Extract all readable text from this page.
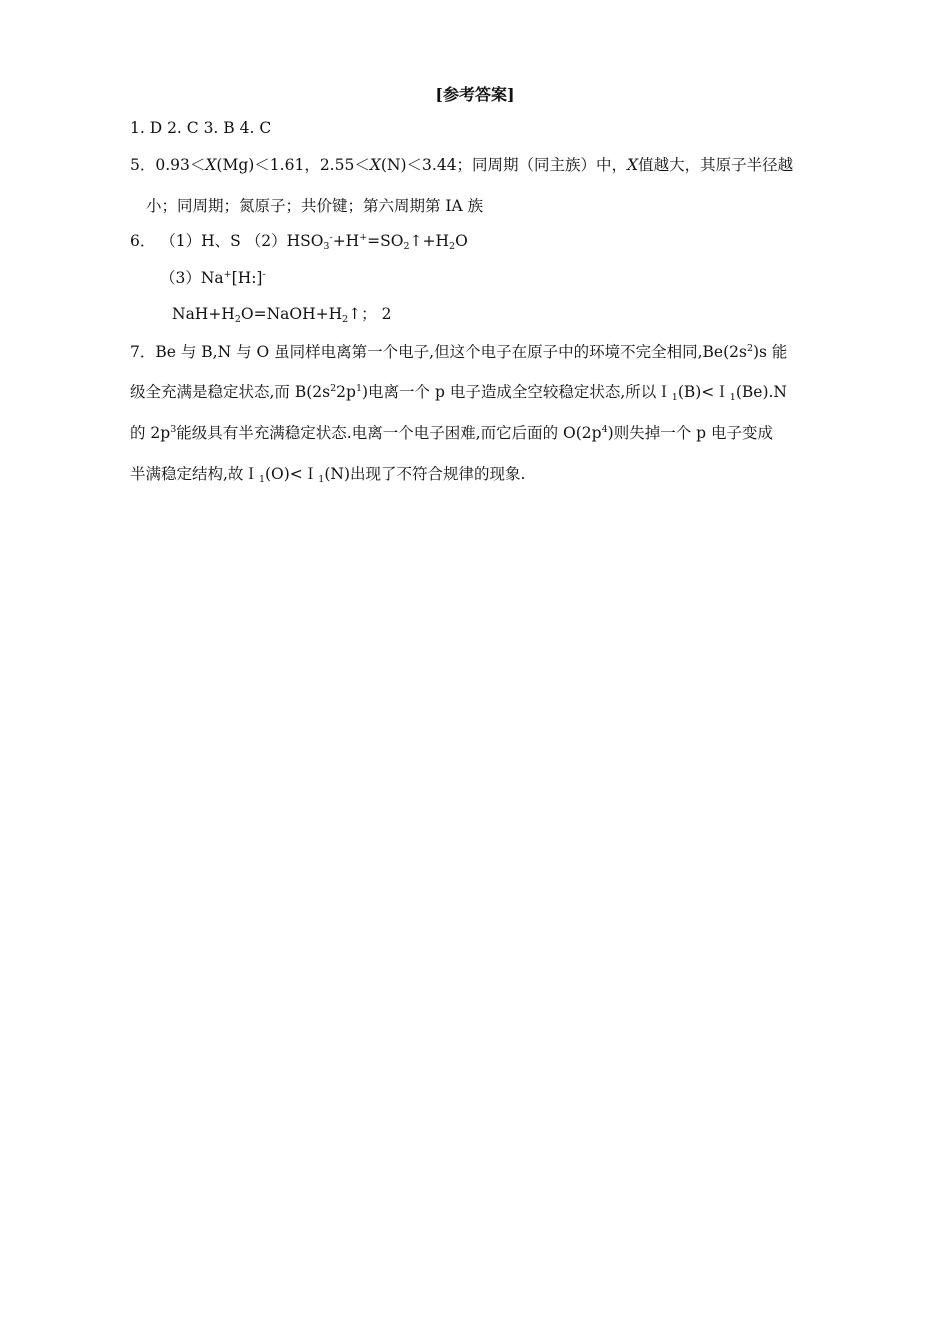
[参考答案]
1. D 2. C 3. B 4. C
5．0.93＜X(Mg)＜1.61，2.55＜X(N)＜3.44；同周期（同主族）中，X值越大，其原子半径越
小；同周期；氮原子；共价键；第六周期第 IA 族
6． （1）H、S $(2)HSO_3^-+H^+=SO_2↑+H_2O$
（3）Na+[H:]-
$NaH+H_2O=NaOH+H_2↑$； 2
7．Be 与 B,N 与 O 虽同样电离第一个电子,但这个电子在原子中的环境不完全相同$,Be(2s^2)s$ 能
级全充满是稳定状态,而 $B(2s^22p^1)$电离一个 p 电子造成全空较稳定状态,所以Ｉ$_1$(B)<Ｉ$_1$(Be).N
的 $2p^3$能级具有半充满稳定状态.电离一个电子困难,而它后面的 $O(2p^4)$则失掉一个 p 电子变成
半满稳定结构,故Ｉ$_1$(O)<Ｉ$_1$(N)出现了不符合规律的现象.
